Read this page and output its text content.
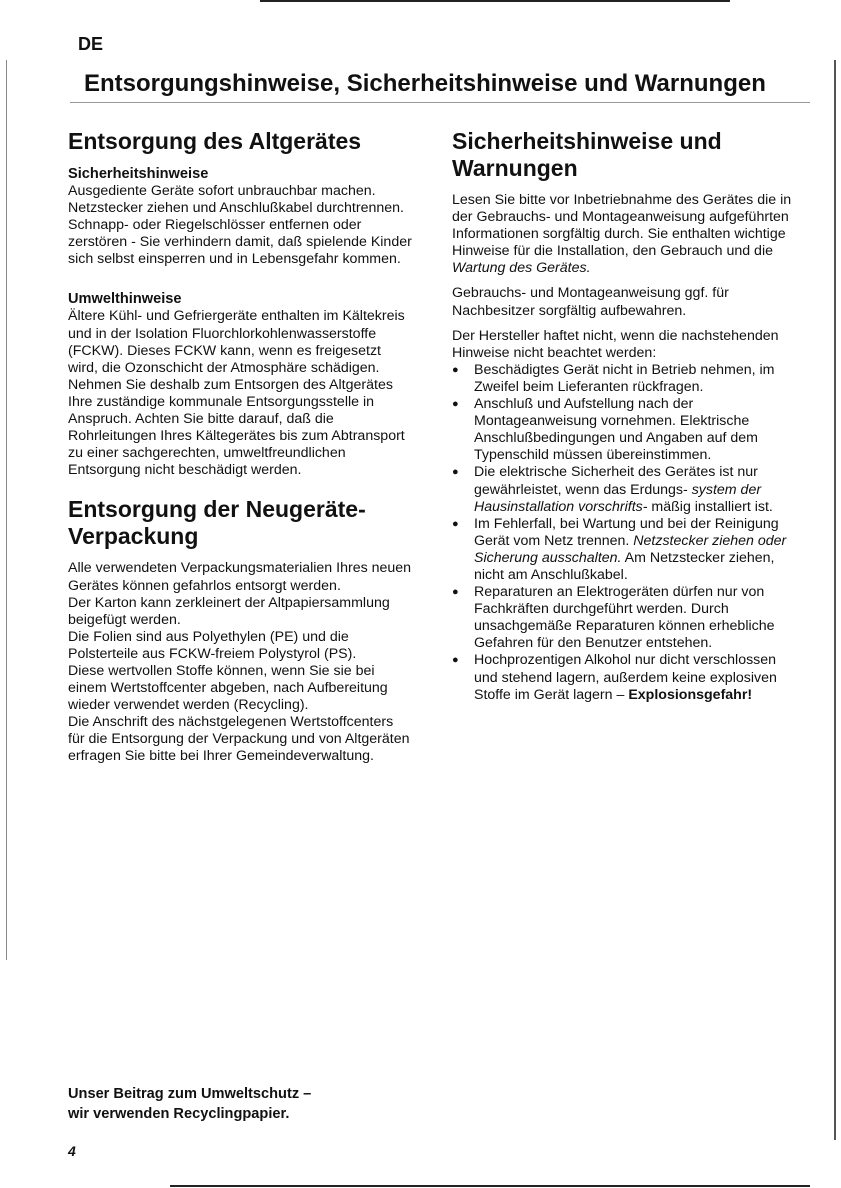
DE
Entsorgungshinweise, Sicherheitshinweise und Warnungen
Entsorgung des Altgerätes
Sicherheitshinweise

Ausgediente Geräte sofort unbrauchbar machen. Netzstecker ziehen und Anschlußkabel durchtrennen. Schnapp- oder Riegelschlösser entfernen oder zerstören - Sie verhindern damit, daß spielende Kinder sich selbst einsperren und in Lebensgefahr kommen.

Umwelthinweise

Ältere Kühl- und Gefriergeräte enthalten im Kältekreis und in der Isolation Fluorchlorkohlenwasserstoffe (FCKW). Dieses FCKW kann, wenn es freigesetzt wird, die Ozonschicht der Atmosphäre schädigen.

Nehmen Sie deshalb zum Entsorgen des Altgerätes Ihre zuständige kommunale Entsorgungsstelle in Anspruch. Achten Sie bitte darauf, daß die Rohrleitungen Ihres Kältegerätes bis zum Abtransport zu einer sachgerechten, umweltfreundlichen Entsorgung nicht beschädigt werden.

Entsorgung der Neugeräte-Verpackung

Alle verwendeten Verpackungsmaterialien Ihres neuen Gerätes können gefahrlos entsorgt werden.

Der Karton kann zerkleinert der Altpapiersammlung beigefügt werden.

Die Folien sind aus Polyethylen (PE) und die Polsterteile aus FCKW-freiem Polystyrol (PS).

Diese wertvollen Stoffe können, wenn Sie sie bei einem Wertstoffcenter abgeben, nach Aufbereitung wieder verwendet werden (Recycling).

Die Anschrift des nächstgelegenen Wertstoffcenters für die Entsorgung der Verpackung und von Altgeräten erfragen Sie bitte bei Ihrer Gemeindeverwaltung.

Sicherheitshinweise und Warnungen

Lesen Sie bitte vor Inbetriebnahme des Gerätes die in der Gebrauchs- und Montageanweisung aufgeführten Informationen sorgfältig durch. Sie enthalten wichtige Hinweise für die Installation, den Gebrauch und die Wartung des Gerätes.

Gebrauchs- und Montageanweisung ggf. für Nachbesitzer sorgfältig aufbewahren.

Der Hersteller haftet nicht, wenn die nachstehenden Hinweise nicht beachtet werden:

● Beschädigtes Gerät nicht in Betrieb nehmen, im Zweifel beim Lieferanten rückfragen.
● Anschluß und Aufstellung nach der Montageanweisung vornehmen. Elektrische Anschlußbedingungen und Angaben auf dem Typenschild müssen übereinstimmen.
● Die elektrische Sicherheit des Gerätes ist nur gewährleistet, wenn das Erdungs- system der Hausinstallation vorschrifts- mäßig installiert ist.
● Im Fehlerfall, bei Wartung und bei der Reinigung Gerät vom Netz trennen. Netzstecker ziehen oder Sicherung ausschalten. Am Netzstecker ziehen, nicht am Anschlußkabel.
● Reparaturen an Elektrogeräten dürfen nur von Fachkräften durchgeführt werden. Durch unsachgemäße Reparaturen können erhebliche Gefahren für den Benutzer entstehen.
● Hochprozentigen Alkohol nur dicht verschlossen und stehend lagern, außerdem keine explosiven Stoffe im Gerät lagern – Explosionsgefahr!
Unser Beitrag zum Umweltschutz –
wir verwenden Recyclingpapier.
4
